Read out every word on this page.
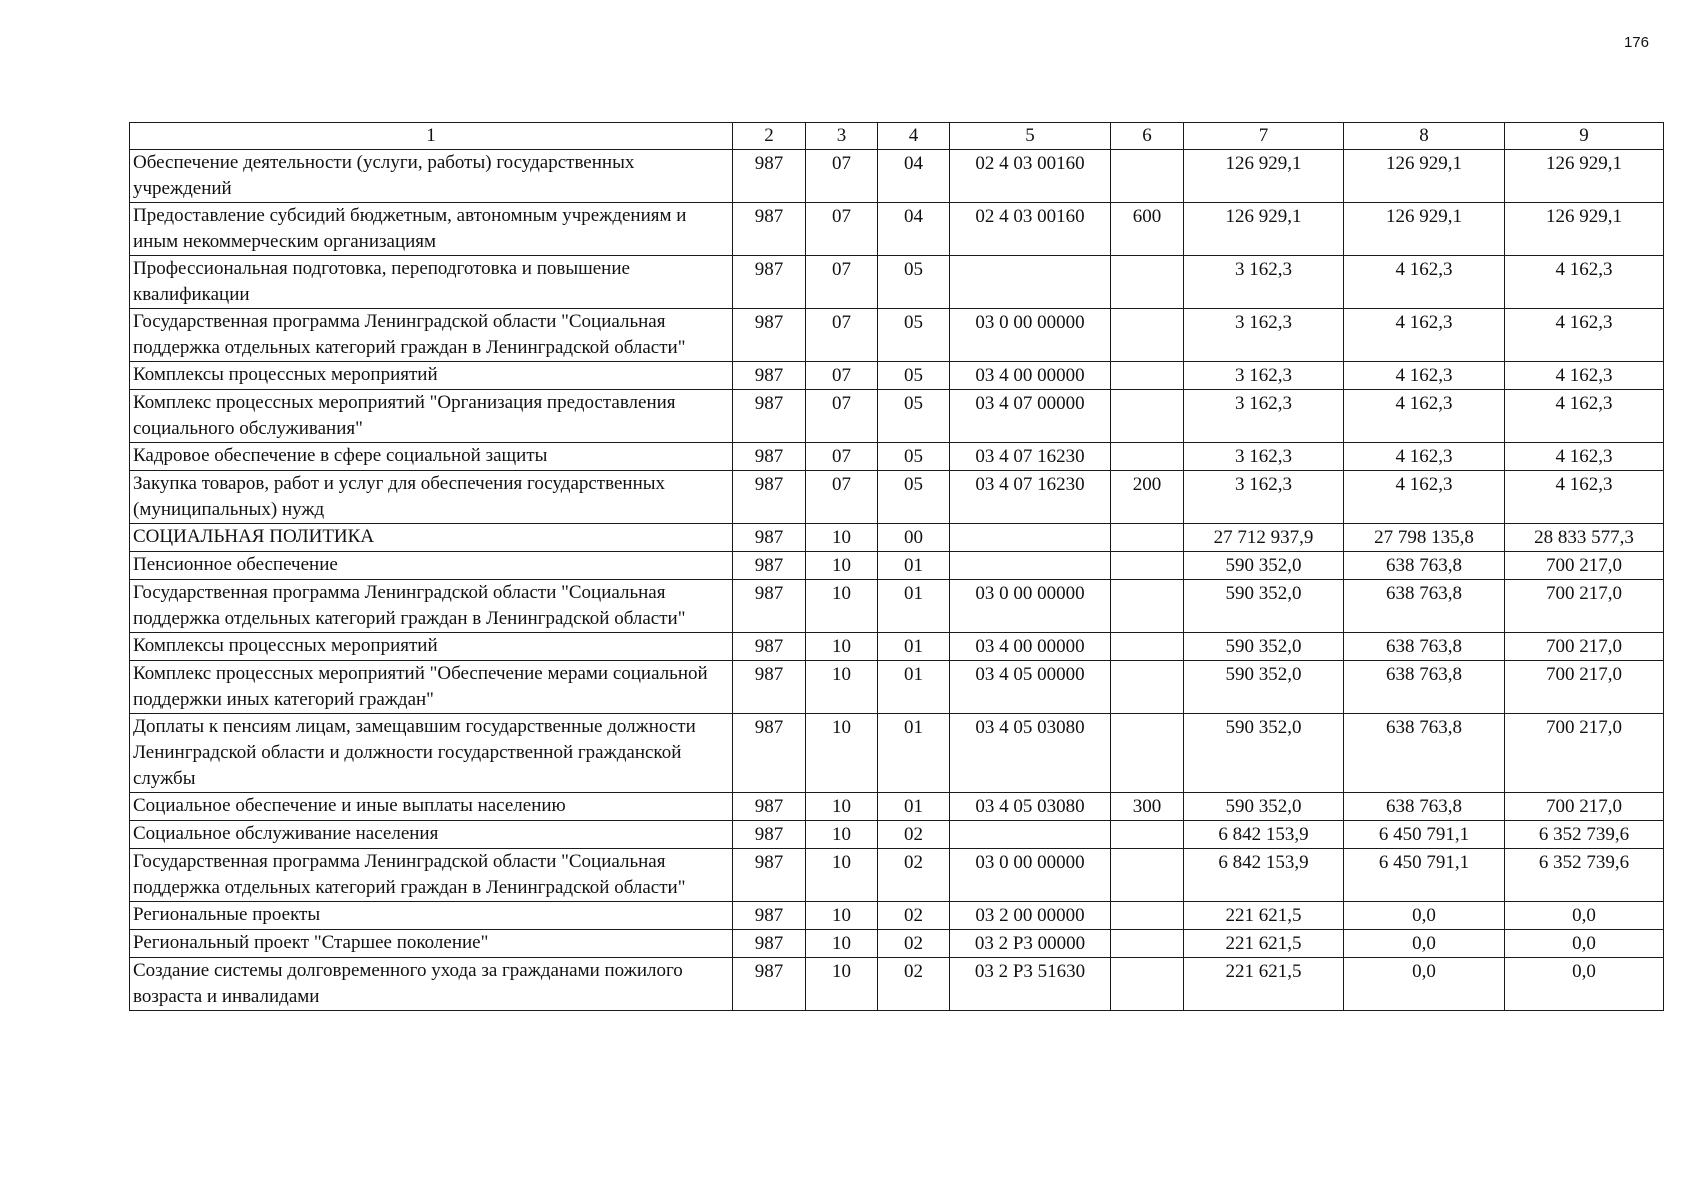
176
1	2	3	4	5	6	7	8	9
Обеспечение деятельности (услуги, работы) государственных учреждений	987	07	04	02 4 03 00160		126 929,1	126 929,1	126 929,1
Предоставление субсидий бюджетным, автономным учреждениям и иным некоммерческим организациям	987	07	04	02 4 03 00160	600	126 929,1	126 929,1	126 929,1
Профессиональная подготовка, переподготовка и повышение квалификации	987	07	05			3 162,3	4 162,3	4 162,3
Государственная программа Ленинградской области "Социальная поддержка отдельных категорий граждан в Ленинградской области"	987	07	05	03 0 00 00000		3 162,3	4 162,3	4 162,3
Комплексы процессных мероприятий	987	07	05	03 4 00 00000		3 162,3	4 162,3	4 162,3
Комплекс процессных мероприятий "Организация предоставления социального обслуживания"	987	07	05	03 4 07 00000		3 162,3	4 162,3	4 162,3
Кадровое обеспечение в сфере социальной защиты	987	07	05	03 4 07 16230		3 162,3	4 162,3	4 162,3
Закупка товаров, работ и услуг для обеспечения государственных (муниципальных) нужд	987	07	05	03 4 07 16230	200	3 162,3	4 162,3	4 162,3
СОЦИАЛЬНАЯ ПОЛИТИКА	987	10	00			27 712 937,9	27 798 135,8	28 833 577,3
Пенсионное обеспечение	987	10	01			590 352,0	638 763,8	700 217,0
Государственная программа Ленинградской области "Социальная поддержка отдельных категорий граждан в Ленинградской области"	987	10	01	03 0 00 00000		590 352,0	638 763,8	700 217,0
Комплексы процессных мероприятий	987	10	01	03 4 00 00000		590 352,0	638 763,8	700 217,0
Комплекс процессных мероприятий "Обеспечение мерами социальной поддержки иных категорий граждан"	987	10	01	03 4 05 00000		590 352,0	638 763,8	700 217,0
Доплаты к пенсиям лицам, замещавшим государственные должности Ленинградской области и должности государственной гражданской службы	987	10	01	03 4 05 03080		590 352,0	638 763,8	700 217,0
Социальное обеспечение и иные выплаты населению	987	10	01	03 4 05 03080	300	590 352,0	638 763,8	700 217,0
Социальное обслуживание населения	987	10	02			6 842 153,9	6 450 791,1	6 352 739,6
Государственная программа Ленинградской области "Социальная поддержка отдельных категорий граждан в Ленинградской области"	987	10	02	03 0 00 00000		6 842 153,9	6 450 791,1	6 352 739,6
Региональные проекты	987	10	02	03 2 00 00000		221 621,5	0,0	0,0
Региональный проект "Старшее поколение"	987	10	02	03 2 P3 00000		221 621,5	0,0	0,0
Создание системы долговременного ухода за гражданами пожилого возраста и инвалидами	987	10	02	03 2 P3 51630		221 621,5	0,0	0,0
